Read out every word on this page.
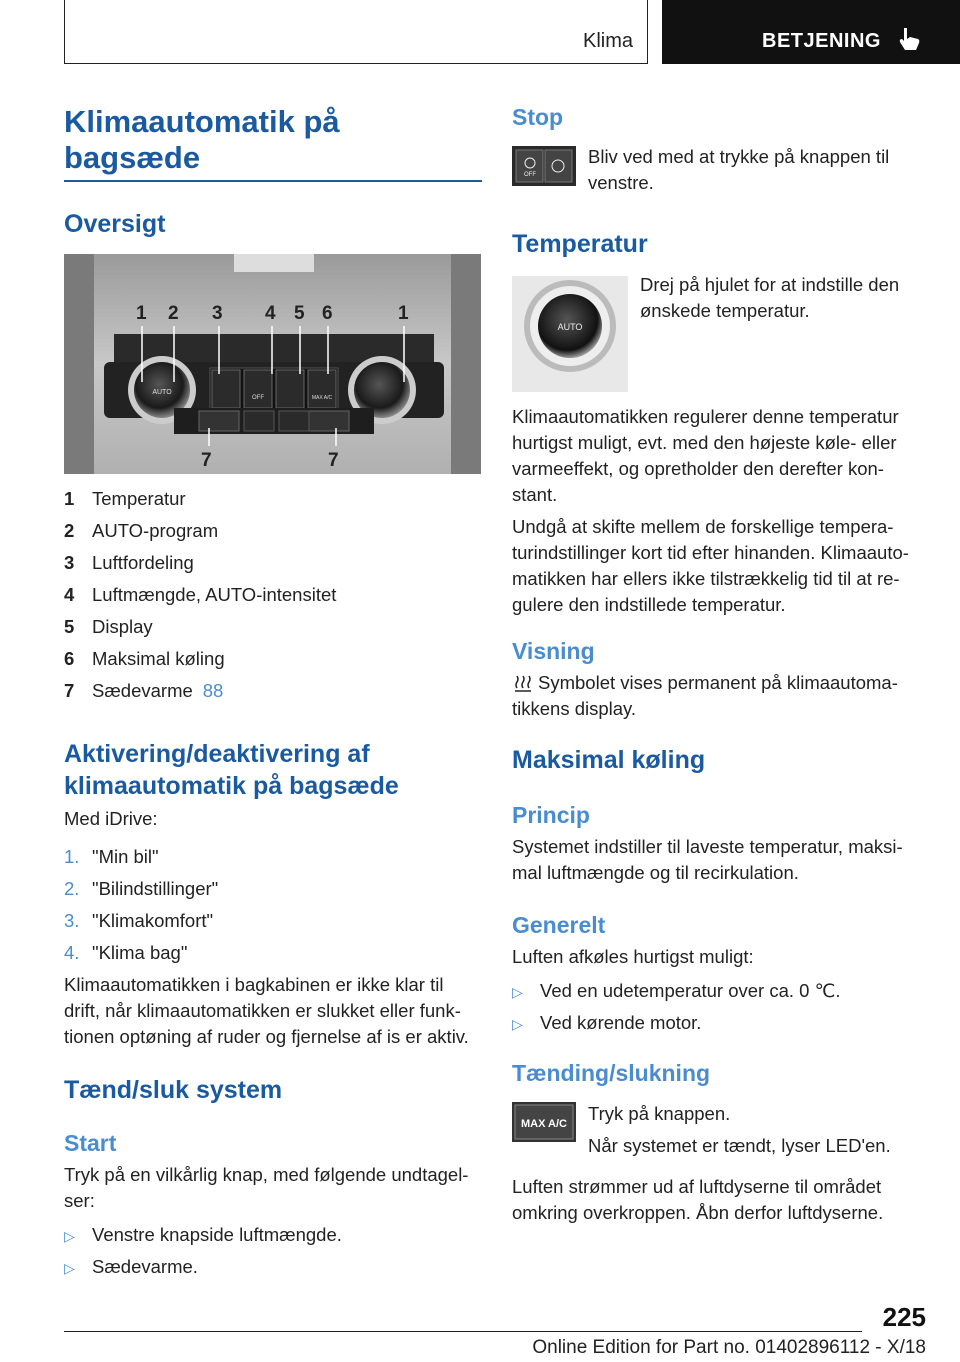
Klima	BETJENING
Klimaautomatik på
bagsæde
Oversigt
OFF	MAX A/C
AUTO
1 2 3 4 5 6	1
7	7
1 Temperatur
2 AUTO-program
3 Luftfordeling
4 Luftmængde, AUTO-intensitet
5 Display
6 Maksimal køling
7 Sædevarme 88
Aktivering/deaktivering af
klimaautomatik på bagsæde
Med iDrive:
1. "Min bil"
2. "Bilindstillinger"
3. "Klimakomfort"
4. "Klima bag"
Klimaautomatikken i bagkabinen er ikke klar til
drift, når klimaautomatikken er slukket eller funk-
tionen optøning af ruder og fjernelse af is er aktiv.
Tænd/sluk system
Start
Tryk på en vilkårlig knap, med følgende undtagel-
ser:
▷ Venstre knapside luftmængde.
▷ Sædevarme.
Stop
OFF
Bliv ved med at trykke på knappen til
venstre.
Temperatur
AUTO
Drej på hjulet for at indstille den
ønskede temperatur.
Klimaautomatikken regulerer denne temperatur
hurtigst muligt, evt. med den højeste køle- eller
varmeeffekt, og opretholder den derefter kon-
stant.
Undgå at skifte mellem de forskellige tempera-
turindstillinger kort tid efter hinanden. Klimaauto-
matikken har ellers ikke tilstrækkelig tid til at re-
gulere den indstillede temperatur.
Visning
Symbolet vises permanent på klimaautoma-
tikkens display.
Maksimal køling
Princip
Systemet indstiller til laveste temperatur, maksi-
mal luftmængde og til recirkulation.
Generelt
Luften afkøles hurtigst muligt:
▷ Ved en udetemperatur over ca. 0 ℃.
▷ Ved kørende motor.
Tænding/slukning
MAX A/C Tryk på knappen.
Når systemet er tændt, lyser LED'en.
Luften strømmer ud af luftdyserne til området
omkring overkroppen. Åbn derfor luftdyserne.
225
Online Edition for Part no. 01402896112 - X/18
